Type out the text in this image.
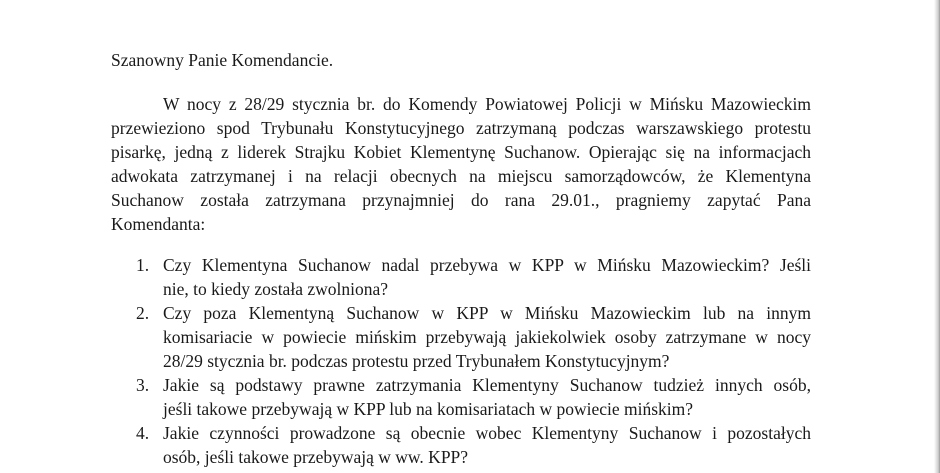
Szanowny Panie Komendancie.

W nocy z 28/29 stycznia br. do Komendy Powiatowej Policji w Mińsku Mazowieckim

przewieziono spod Trybunału Konstytucyjnego zatrzymaną podczas warszawskiego protestu

pisarkę, jedną z liderek Strajku Kobiet Klementynę Suchanow. Opierając się na informacjach

adwokata zatrzymanej i na relacji obecnych na miejscu samorządowców, że Klementyna

Suchanow została zatrzymana przynajmniej do rana 29.01., pragniemy zapytać Pana

Komendanta:

1. Czy Klementyna Suchanow nadal przebywa w KPP w Mińsku Mazowieckim? Jeśli

nie, to kiedy została zwolniona?

2. Czy poza Klementyną Suchanow w KPP w Mińsku Mazowieckim lub na innym

komisariacie w powiecie mińskim przebywają jakiekolwiek osoby zatrzymane w nocy

28/29 stycznia br. podczas protestu przed Trybunałem Konstytucyjnym?

3. Jakie są podstawy prawne zatrzymania Klementyny Suchanow tudzież innych osób,

jeśli takowe przebywają w KPP lub na komisariatach w powiecie mińskim?

4. Jakie czynności prowadzone są obecnie wobec Klementyny Suchanow i pozostałych

osób, jeśli takowe przebywają w ww. KPP?
